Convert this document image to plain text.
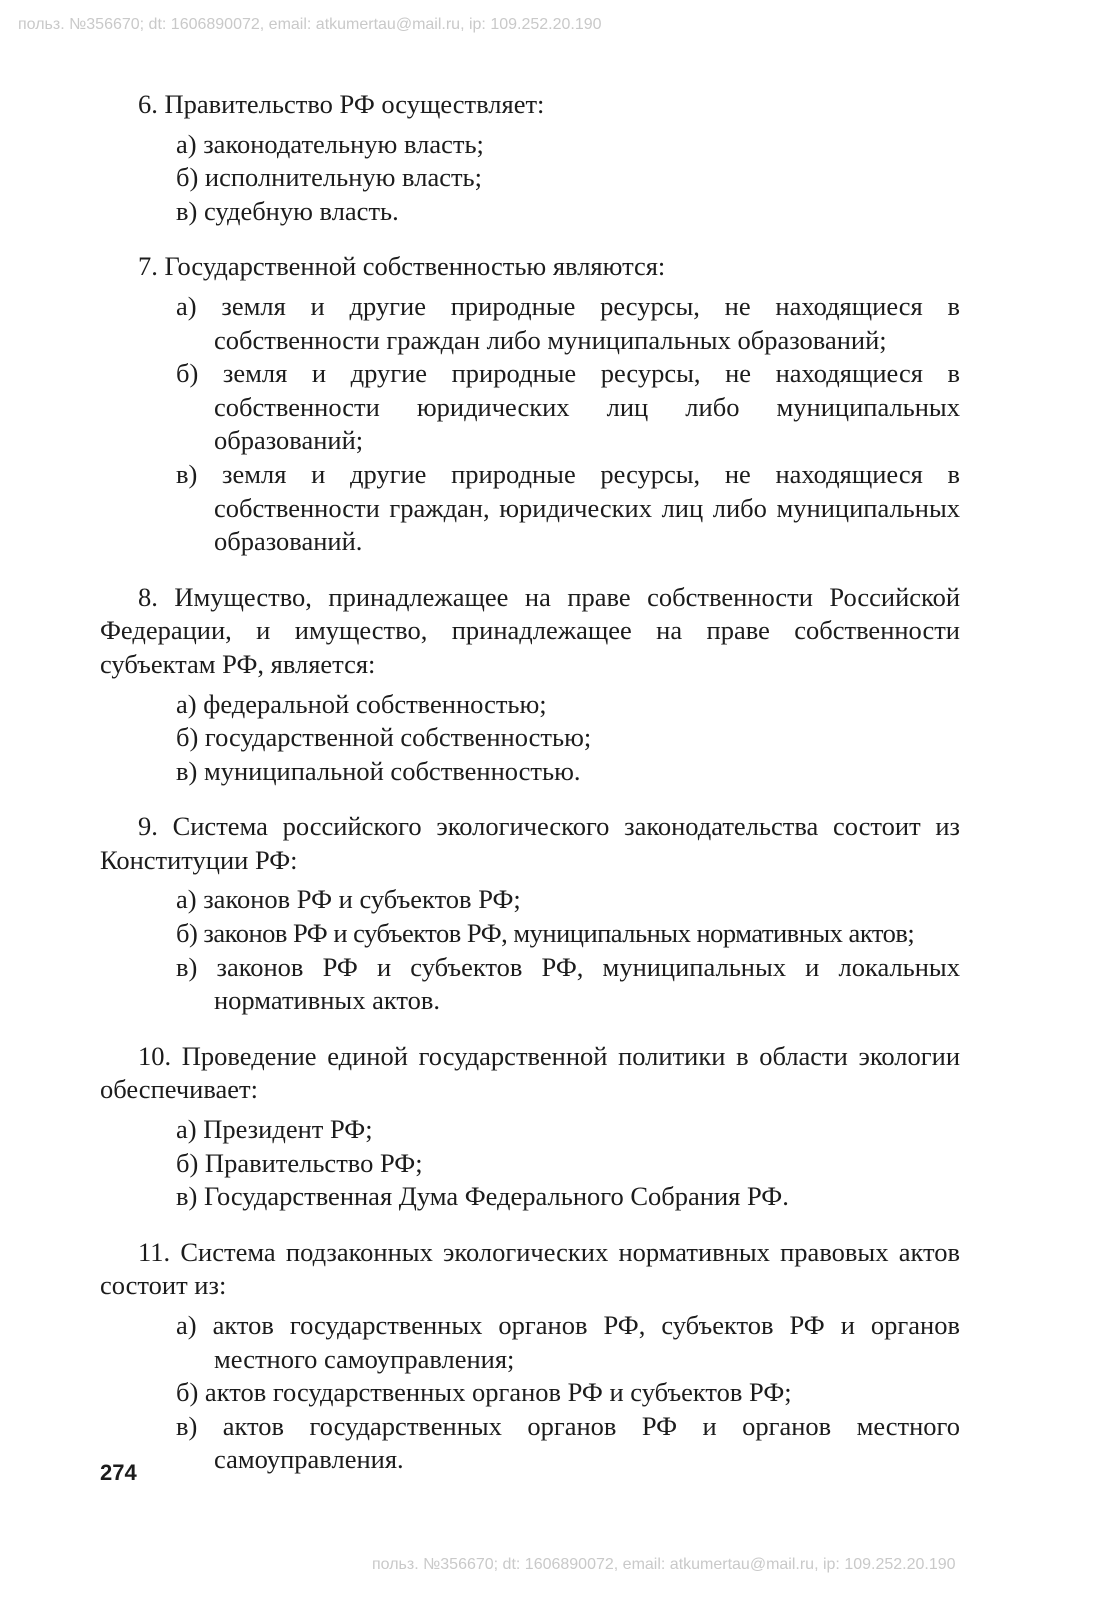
польз. №356670; dt: 1606890072, email: atkumertau@mail.ru, ip: 109.252.20.190

6. Правительство РФ осуществляет:

а) законодательную власть;
б) исполнительную власть;
в) судебную власть.

7. Государственной собственностью являются:

а) земля и другие природные ресурсы, не находящиеся в собственности граждан либо муниципальных образований;
б) земля и другие природные ресурсы, не находящиеся в собственности юридических лиц либо муниципальных образований;
в) земля и другие природные ресурсы, не находящиеся в собственности граждан, юридических лиц либо муниципальных образований.

8. Имущество, принадлежащее на праве собственности Российской Федерации, и имущество, принадлежащее на праве собственности субъектам РФ, является:

а) федеральной собственностью;
б) государственной собственностью;
в) муниципальной собственностью.

9. Система российского экологического законодательства состоит из Конституции РФ:

а) законов РФ и субъектов РФ;
б) законов РФ и субъектов РФ, муниципальных нормативных актов;
в) законов РФ и субъектов РФ, муниципальных и локальных нормативных актов.

10. Проведение единой государственной политики в области экологии обеспечивает:

а) Президент РФ;
б) Правительство РФ;
в) Государственная Дума Федерального Собрания РФ.

11. Система подзаконных экологических нормативных правовых актов состоит из:

а) актов государственных органов РФ, субъектов РФ и органов местного самоуправления;
б) актов государственных органов РФ и субъектов РФ;
в) актов государственных органов РФ и органов местного самоуправления.
274
польз. №356670; dt: 1606890072, email: atkumertau@mail.ru, ip: 109.252.20.190
